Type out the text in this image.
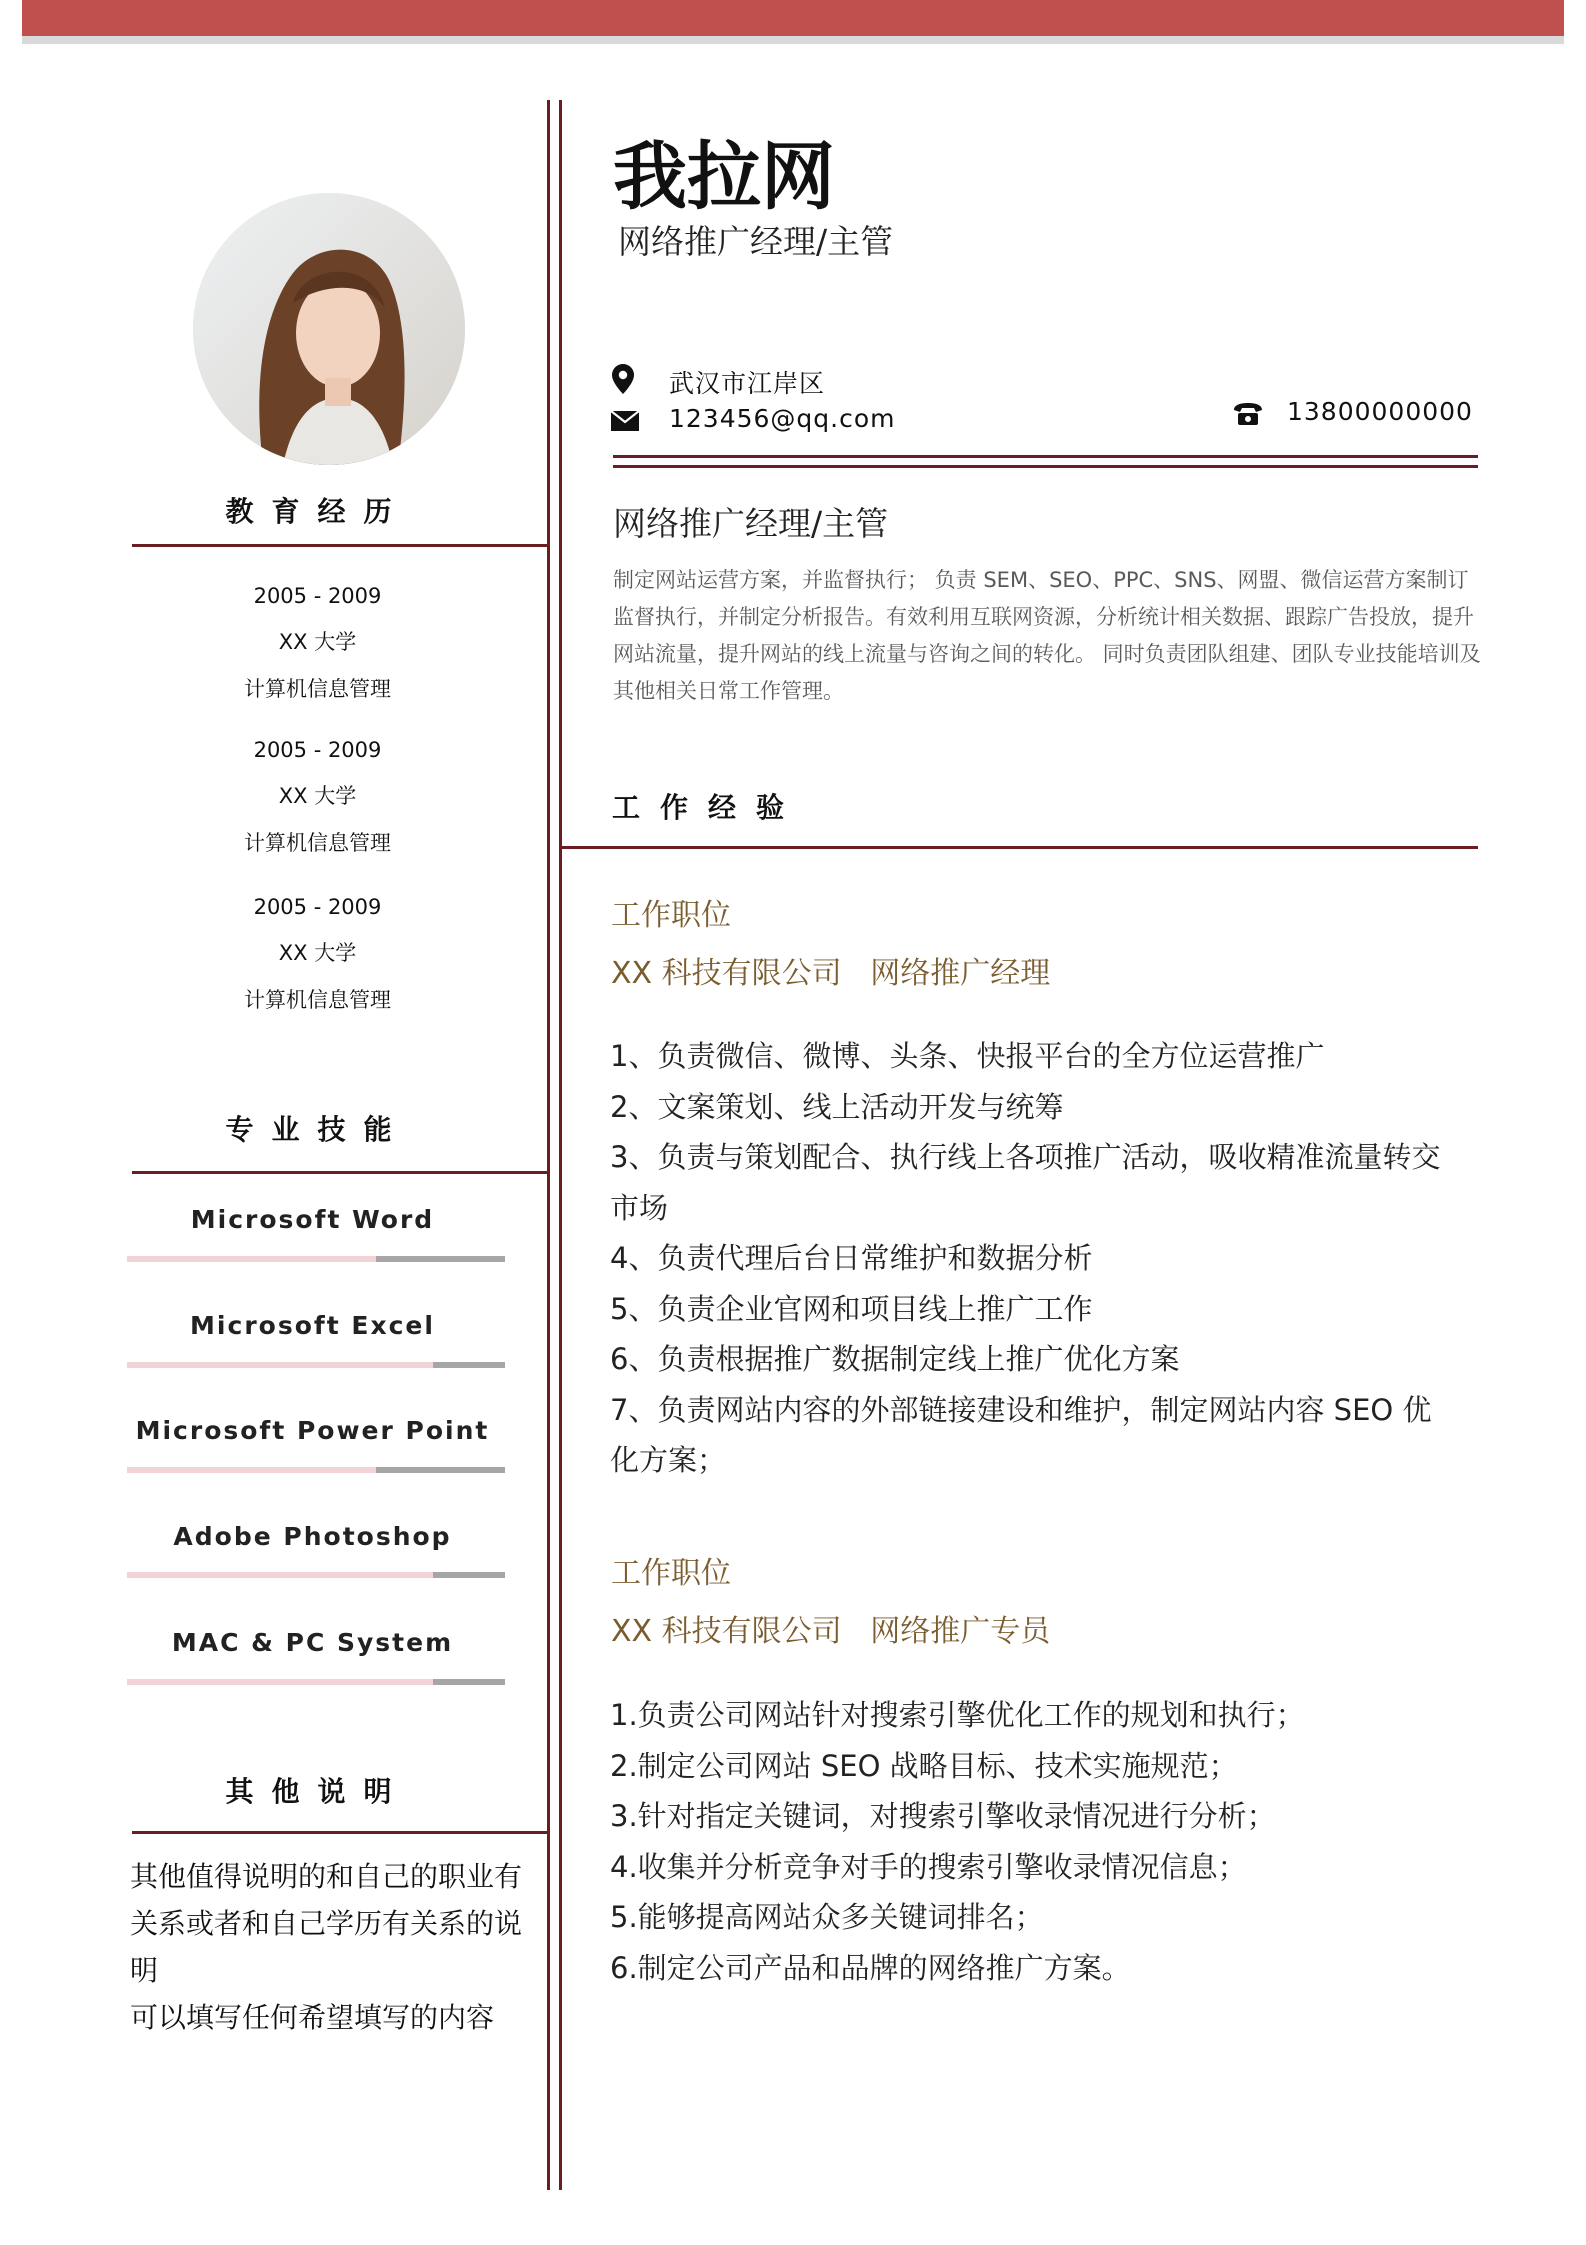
教育经历
2005 - 2009
XX 大学
计算机信息管理
2005 - 2009
XX 大学
计算机信息管理
2005 - 2009
XX 大学
计算机信息管理
专业技能
Microsoft Word
Microsoft Excel
Microsoft Power Point
Adobe Photoshop
MAC & PC System
其他说明
其他值得说明的和自己的职业有关系或者和自己学历有关系的说明
可以填写任何希望填写的内容
我拉网
网络推广经理/主管
武汉市江岸区
123456@qq.com	13800000000
网络推广经理/主管
制定网站运营方案，并监督执行； 负责 SEM、SEO、PPC、SNS、网盟、微信运营方案制订监督执行，并制定分析报告。有效利用互联网资源，分析统计相关数据、跟踪广告投放，提升网站流量，提升网站的线上流量与咨询之间的转化。 同时负责团队组建、团队专业技能培训及其他相关日常工作管理。
工作经验
工作职位
XX 科技有限公司   网络推广经理
1、负责微信、微博、头条、快报平台的全方位运营推广
2、文案策划、线上活动开发与统筹
3、负责与策划配合、执行线上各项推广活动，吸收精准流量转交市场
4、负责代理后台日常维护和数据分析
5、负责企业官网和项目线上推广工作
6、负责根据推广数据制定线上推广优化方案
7、负责网站内容的外部链接建设和维护，制定网站内容 SEO 优化方案；
工作职位
XX 科技有限公司   网络推广专员
1.负责公司网站针对搜索引擎优化工作的规划和执行；
2.制定公司网站 SEO 战略目标、技术实施规范；
3.针对指定关键词，对搜索引擎收录情况进行分析；
4.收集并分析竞争对手的搜索引擎收录情况信息；
5.能够提高网站众多关键词排名；
6.制定公司产品和品牌的网络推广方案。
